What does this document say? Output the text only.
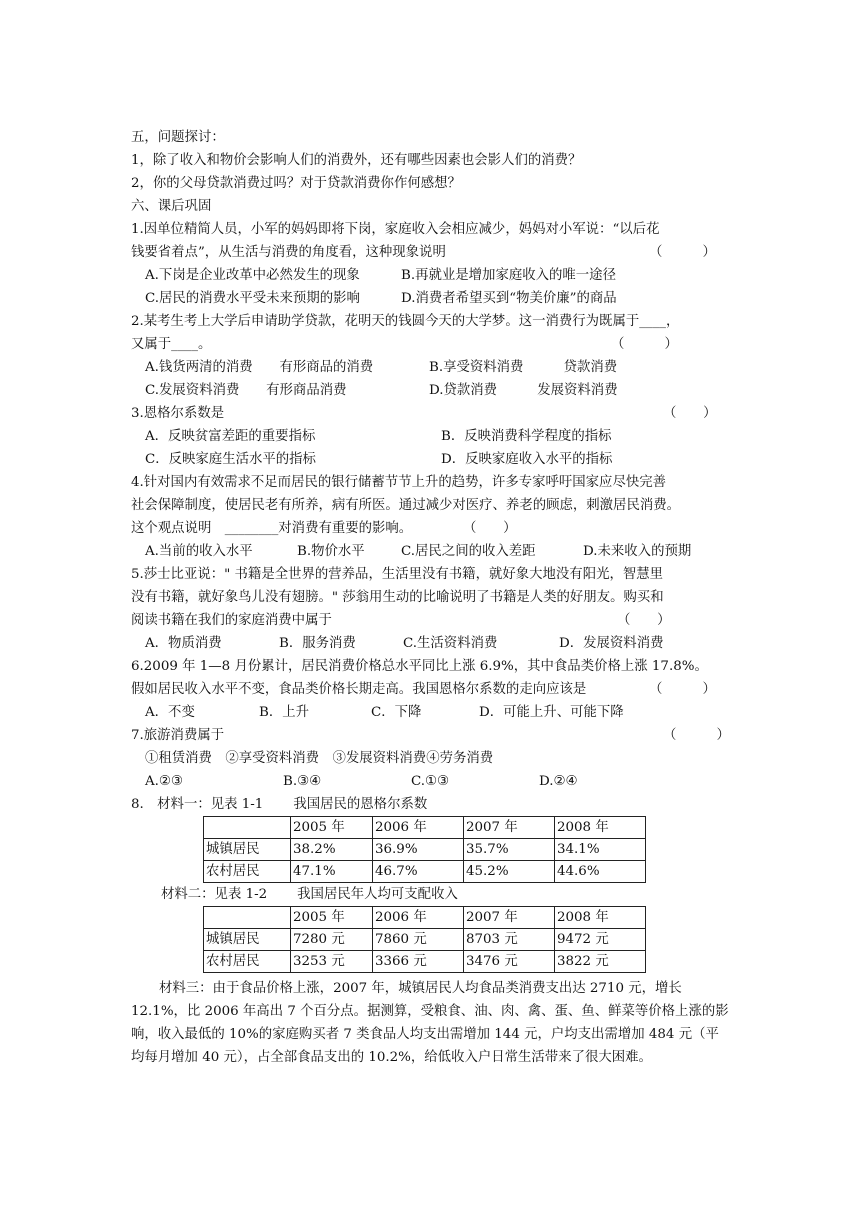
五，问题探讨：
1，除了收入和物价会影响人们的消费外，还有哪些因素也会影人们的消费？
2，你的父母贷款消费过吗？对于贷款消费你作何感想？
六、课后巩固
1.因单位精简人员，小军的妈妈即将下岗，家庭收入会相应减少，妈妈对小军说：“以后花
钱要省着点”，从生活与消费的角度看，这种现象说明	（　　　）
A.下岗是企业改革中必然发生的现象	B.再就业是增加家庭收入的唯一途径
C.居民的消费水平受未来预期的影响	D.消费者希望买到“物美价廉”的商品
2.某考生考上大学后申请助学贷款，花明天的钱圆今天的大学梦。这一消费行为既属于____，
又属于____。	（　　　）
A.钱货两清的消费　　有形商品的消费	B.享受资料消费　　　贷款消费
C.发展资料消费　　有形商品消费	D.贷款消费　　　发展资料消费
3.恩格尔系数是	（　　）
A．反映贫富差距的重要指标	B．反映消费科学程度的指标
C．反映家庭生活水平的指标	D．反映家庭收入水平的指标
4.针对国内有效需求不足而居民的银行储蓄节节上升的趋势，许多专家呼吁国家应尽快完善
社会保障制度，使居民老有所养，病有所医。通过减少对医疗、养老的顾虑，刺激居民消费。
这个观点说明　________对消费有重要的影响。	（　　）
A.当前的收入水平	B.物价水平	C.居民之间的收入差距	D.未来收入的预期
5.莎士比亚说：" 书籍是全世界的营养品，生活里没有书籍，就好象大地没有阳光，智慧里
没有书籍，就好象鸟儿没有翅膀。" 莎翁用生动的比喻说明了书籍是人类的好朋友。购买和
阅读书籍在我们的家庭消费中属于	（　　）
A．物质消费	B．服务消费	C.生活资料消费	D．发展资料消费
6.2009 年 1—8 月份累计，居民消费价格总水平同比上涨 6.9%，其中食品类价格上涨 17.8%。
假如居民收入水平不变，食品类价格长期走高。我国恩格尔系数的走向应该是	（　　　）
A．不变	B．上升	C．下降	D．可能上升、可能下降
7.旅游消费属于	（　　　）
①租赁消费　②享受资料消费　③发展资料消费④劳务消费
A.②③	B.③④	C.①③	D.②④
8.　材料一：见表 1-1 我国居民的恩格尔系数
	2005 年	2006 年	2007 年	2008 年
城镇居民	38.2%	36.9%	35.7%	34.1%
农村居民	47.1%	46.7%	45.2%	44.6%
材料二：见表 1-2 我国居民年人均可支配收入
	2005 年	2006 年	2007 年	2008 年
城镇居民	7280 元	7860 元	8703 元	9472 元
农村居民	3253 元	3366 元	3476 元	3822 元
材料三：由于食品价格上涨，2007 年，城镇居民人均食品类消费支出达 2710 元，增长 12.1%，比 2006 年高出 7 个百分点。据测算，受粮食、油、肉、禽、蛋、鱼、鲜菜等价格上涨的影响，收入最低的 10%的家庭购买者 7 类食品人均支出需增加 144 元，户均支出需增加 484 元（平均每月增加 40 元），占全部食品支出的 10.2%，给低收入户日常生活带来了很大困难。
